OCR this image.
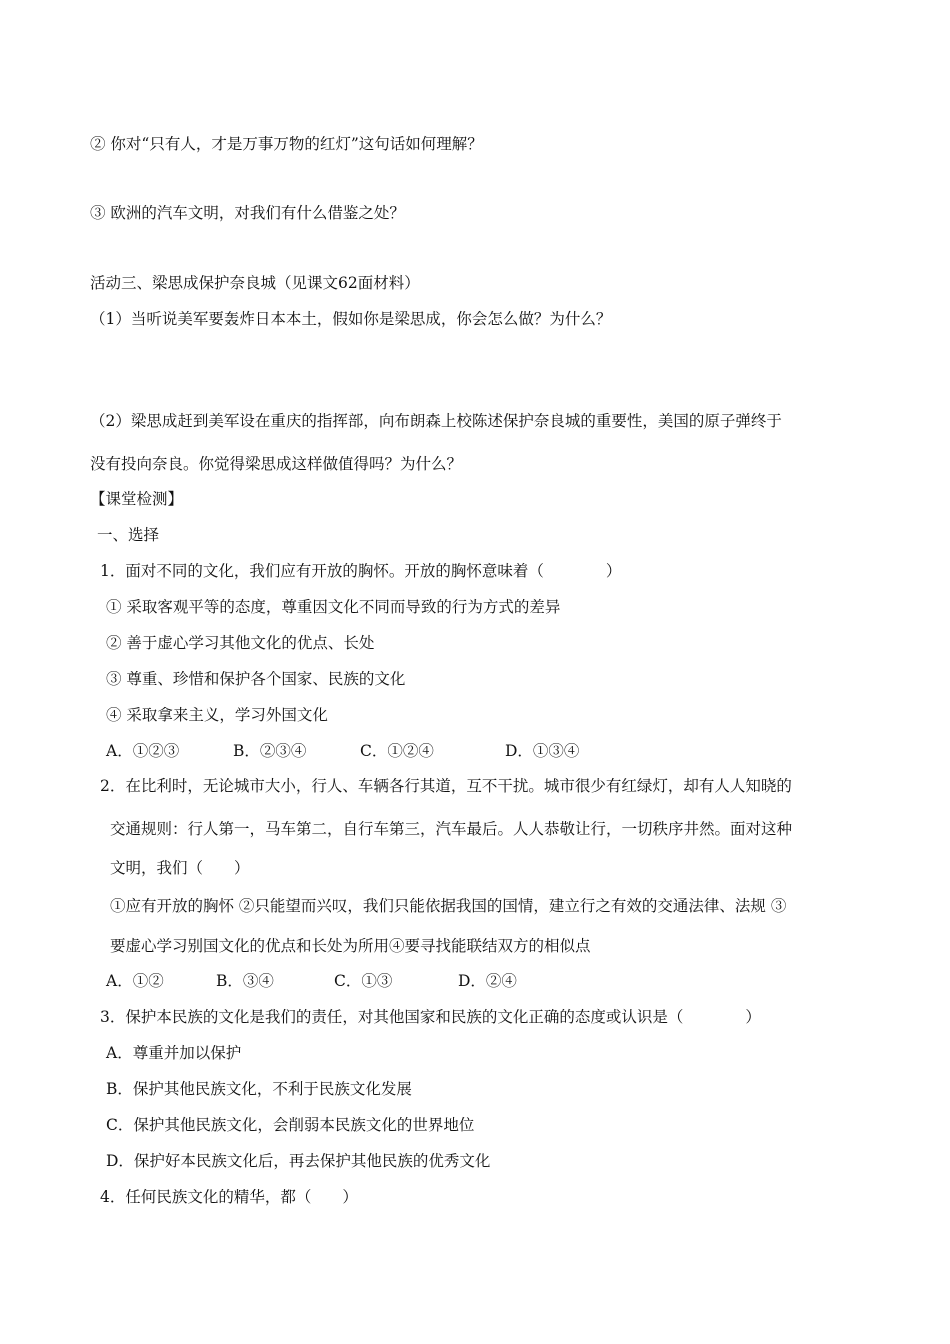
② 你对“只有人，才是万事万物的红灯”这句话如何理解？
③ 欧洲的汽车文明，对我们有什么借鉴之处？
活动三、梁思成保护奈良城（见课文62面材料）
（1）当听说美军要轰炸日本本土，假如你是梁思成，你会怎么做？为什么？
（2）梁思成赶到美军设在重庆的指挥部，向布朗森上校陈述保护奈良城的重要性，美国的原子弹终于
没有投向奈良。你觉得梁思成这样做值得吗？为什么？
【课堂检测】
一、选择
1．面对不同的文化，我们应有开放的胸怀。开放的胸怀意味着（　　　　）
① 采取客观平等的态度，尊重因文化不同而导致的行为方式的差异
② 善于虚心学习其他文化的优点、长处
③ 尊重、珍惜和保护各个国家、民族的文化
④ 采取拿来主义，学习外国文化
A．①②③	B．②③④	C．①②④	D．①③④
2．在比利时，无论城市大小，行人、车辆各行其道，互不干扰。城市很少有红绿灯，却有人人知晓的
交通规则：行人第一，马车第二，自行车第三，汽车最后。人人恭敬让行，一切秩序井然。面对这种
文明，我们（　　）
①应有开放的胸怀 ②只能望而兴叹，我们只能依据我国的国情，建立行之有效的交通法律、法规 ③
要虚心学习别国文化的优点和长处为所用④要寻找能联结双方的相似点
A．①②	B．③④	C．①③	D．②④
3．保护本民族的文化是我们的责任，对其他国家和民族的文化正确的态度或认识是（　　　　）
A．尊重并加以保护
B．保护其他民族文化，不利于民族文化发展
C．保护其他民族文化，会削弱本民族文化的世界地位
D．保护好本民族文化后，再去保护其他民族的优秀文化
4．任何民族文化的精华，都（　　）
